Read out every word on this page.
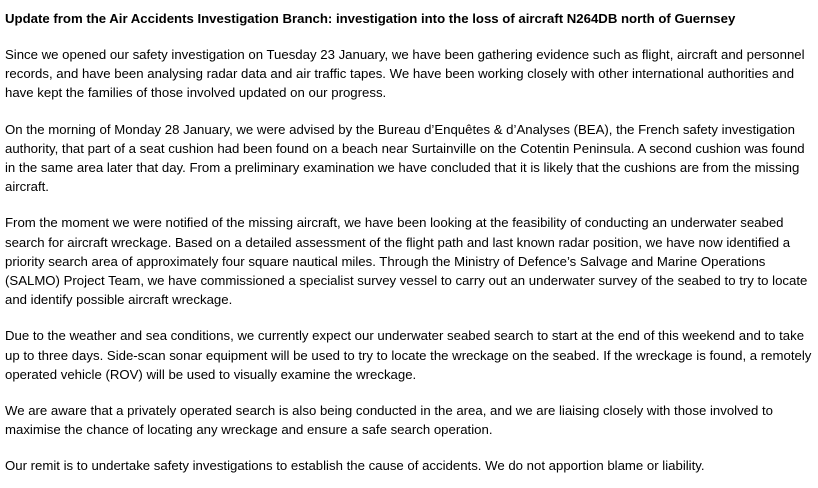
Update from the Air Accidents Investigation Branch: investigation into the loss of aircraft N264DB north of Guernsey

Since we opened our safety investigation on Tuesday 23 January, we have been gathering evidence such as flight, aircraft and personnel records, and have been analysing radar data and air traffic tapes. We have been working closely with other international authorities and have kept the families of those involved updated on our progress.

On the morning of Monday 28 January, we were advised by the Bureau d’Enquêtes & d’Analyses (BEA), the French safety investigation authority, that part of a seat cushion had been found on a beach near Surtainville on the Cotentin Peninsula. A second cushion was found in the same area later that day. From a preliminary examination we have concluded that it is likely that the cushions are from the missing aircraft.

From the moment we were notified of the missing aircraft, we have been looking at the feasibility of conducting an underwater seabed search for aircraft wreckage. Based on a detailed assessment of the flight path and last known radar position, we have now identified a priority search area of approximately four square nautical miles. Through the Ministry of Defence’s Salvage and Marine Operations (SALMO) Project Team, we have commissioned a specialist survey vessel to carry out an underwater survey of the seabed to try to locate and identify possible aircraft wreckage.

Due to the weather and sea conditions, we currently expect our underwater seabed search to start at the end of this weekend and to take up to three days. Side-scan sonar equipment will be used to try to locate the wreckage on the seabed. If the wreckage is found, a remotely operated vehicle (ROV) will be used to visually examine the wreckage.

We are aware that a privately operated search is also being conducted in the area, and we are liaising closely with those involved to maximise the chance of locating any wreckage and ensure a safe search operation.

Our remit is to undertake safety investigations to establish the cause of accidents. We do not apportion blame or liability.
